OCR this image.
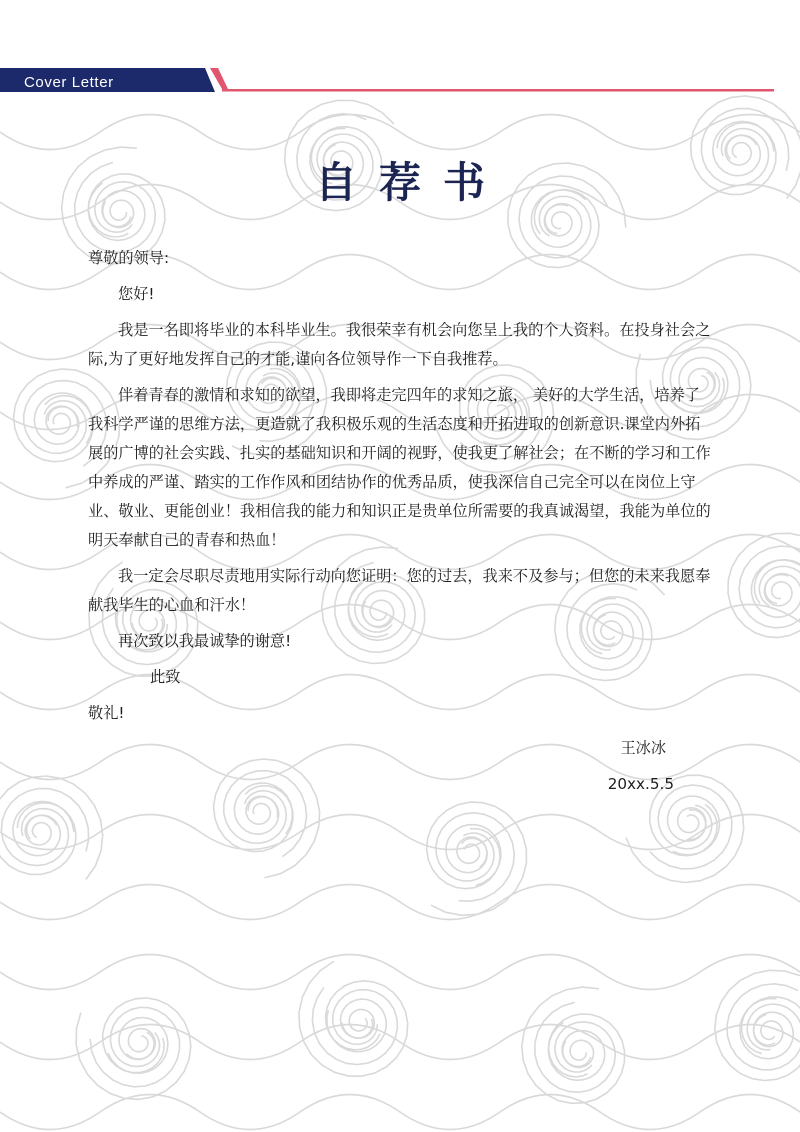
Cover Letter
自荐书

尊敬的领导:

您好!

我是一名即将毕业的本科毕业生。我很荣幸有机会向您呈上我的个人资料。在投身社会之际,为了更好地发挥自己的才能,谨向各位领导作一下自我推荐。

伴着青春的激情和求知的欲望，我即将走完四年的求知之旅， 美好的大学生活，培养了我科学严谨的思维方法，更造就了我积极乐观的生活态度和开拓进取的创新意识.课堂内外拓展的广博的社会实践、扎实的基础知识和开阔的视野，使我更了解社会；在不断的学习和工作中养成的严谨、踏实的工作作风和团结协作的优秀品质，使我深信自己完全可以在岗位上守业、敬业、更能创业！我相信我的能力和知识正是贵单位所需要的我真诚渴望，我能为单位的明天奉献自己的青春和热血！

我一定会尽职尽责地用实际行动向您证明：您的过去，我来不及参与；但您的未来我愿奉献我毕生的心血和汗水！

再次致以我最诚挚的谢意!

此致

敬礼!

王冰冰

20xx.5.5
